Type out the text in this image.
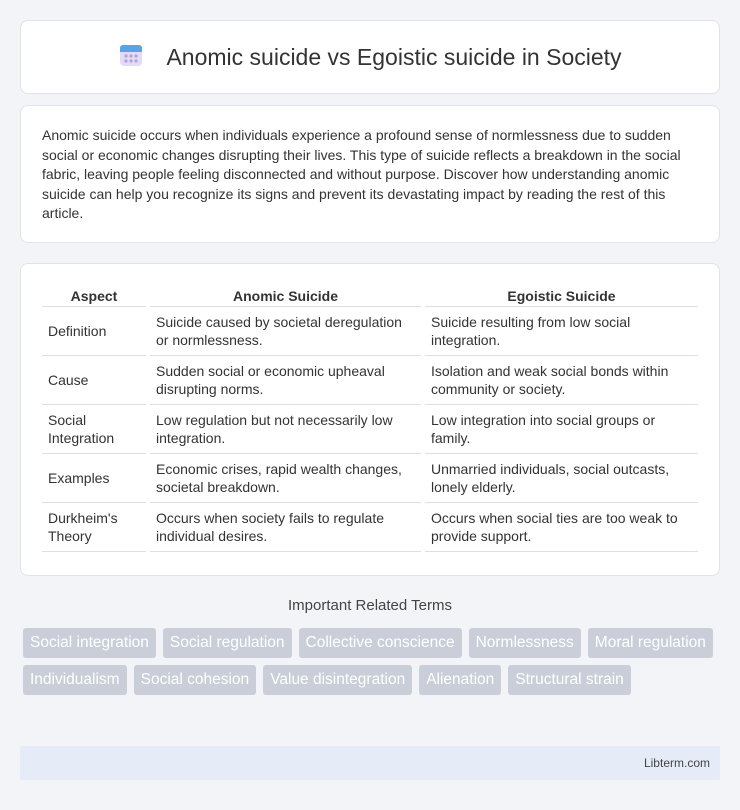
Anomic suicide vs Egoistic suicide in Society

Anomic suicide occurs when individuals experience a profound sense of normlessness due to sudden social or economic changes disrupting their lives. This type of suicide reflects a breakdown in the social fabric, leaving people feeling disconnected and without purpose. Discover how understanding anomic suicide can help you recognize its signs and prevent its devastating impact by reading the rest of this article.

Aspect	Anomic Suicide	Egoistic Suicide
Definition	Suicide caused by societal deregulation or normlessness.	Suicide resulting from low social integration.
Cause	Sudden social or economic upheaval disrupting norms.	Isolation and weak social bonds within community or society.
Social Integration	Low regulation but not necessarily low integration.	Low integration into social groups or family.
Examples	Economic crises, rapid wealth changes, societal breakdown.	Unmarried individuals, social outcasts, lonely elderly.
Durkheim's Theory	Occurs when society fails to regulate individual desires.	Occurs when social ties are too weak to provide support.
Important Related Terms
Social integration	Social regulation	Collective conscience	Normlessness	Moral regulation
Individualism	Social cohesion	Value disintegration	Alienation	Structural strain
Libterm.com
